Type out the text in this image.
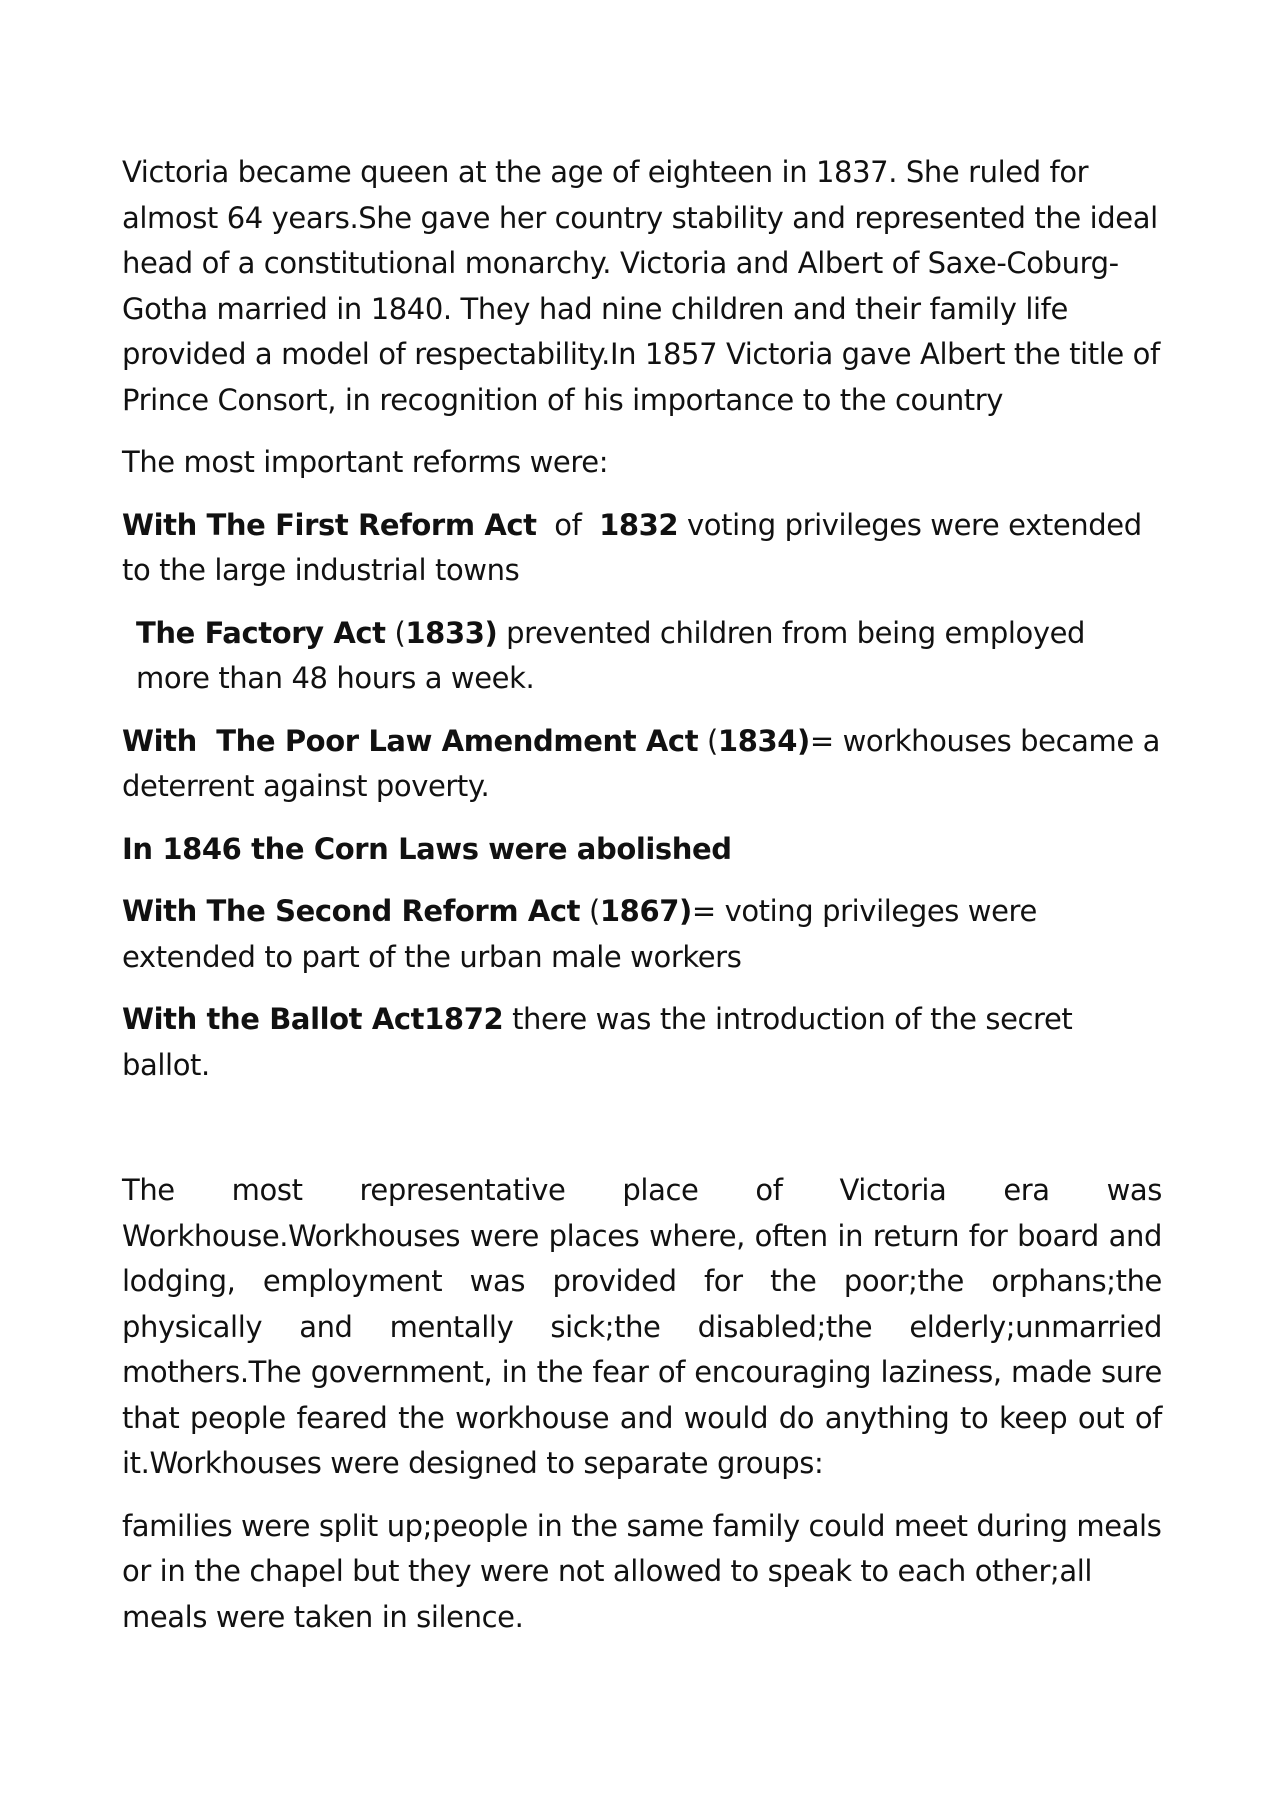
Victoria became queen at the age of eighteen in 1837. She ruled for almost 64 years.She gave her country stability and represented the ideal head of a constitutional monarchy. Victoria and Albert of Saxe-Coburg-Gotha married in 1840. They had nine children and their family life provided a model of respectability.In 1857 Victoria gave Albert the title of Prince Consort, in recognition of his importance to the country

The most important reforms were:

With The First Reform Act  of  1832 voting privileges were extended to the large industrial towns

The Factory Act (1833) prevented children from being employed more than 48 hours a week.

With  The Poor Law Amendment Act (1834)= workhouses became a deterrent against poverty.

In 1846 the Corn Laws were abolished

With The Second Reform Act (1867)= voting privileges were extended to part of the urban male workers

With the Ballot Act1872 there was the introduction of the secret ballot.

The most representative place of Victoria era was Workhouse.Workhouses were places where, often in return for board and lodging, employment was provided for the poor;the orphans;the physically and mentally sick;the disabled;the elderly;unmarried mothers.The government, in the fear of encouraging laziness, made sure that people feared the workhouse and would do anything to keep out of it.Workhouses were designed to separate groups:

families were split up;people in the same family could meet during meals or in the chapel but they were not allowed to speak to each other;all meals were taken in silence.
